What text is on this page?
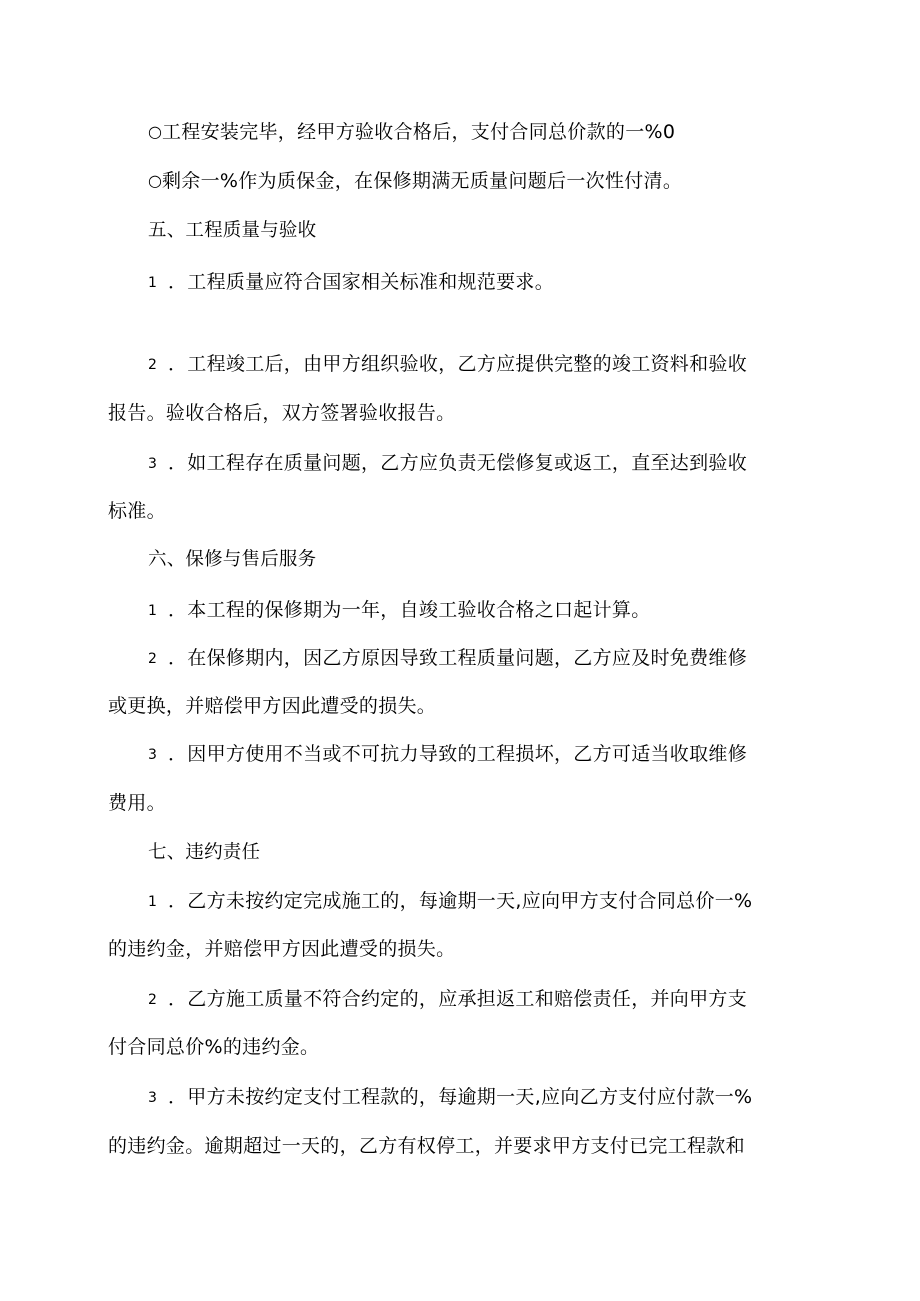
○工程安装完毕，经甲方验收合格后，支付合同总价款的一%0
○剩余一%作为质保金，在保修期满无质量问题后一次性付清。
五、工程质量与验收
1 ．工程质量应符合国家相关标准和规范要求。
2 ．工程竣工后，由甲方组织验收，乙方应提供完整的竣工资料和验收
报告。验收合格后，双方签署验收报告。
3 ．如工程存在质量问题，乙方应负责无偿修复或返工，直至达到验收
标准。
六、保修与售后服务
1 ．本工程的保修期为一年，自竣工验收合格之口起计算。
2 ．在保修期内，因乙方原因导致工程质量问题，乙方应及时免费维修
或更换，并赔偿甲方因此遭受的损失。
3 ．因甲方使用不当或不可抗力导致的工程损坏，乙方可适当收取维修
费用。
七、违约责任
1 ．乙方未按约定完成施工的，每逾期一天,应向甲方支付合同总价一%
的违约金，并赔偿甲方因此遭受的损失。
2 ．乙方施工质量不符合约定的，应承担返工和赔偿责任，并向甲方支
付合同总价%的违约金。
3 ．甲方未按约定支付工程款的，每逾期一天,应向乙方支付应付款一%
的违约金。逾期超过一天的，乙方有权停工，并要求甲方支付已完工程款和
